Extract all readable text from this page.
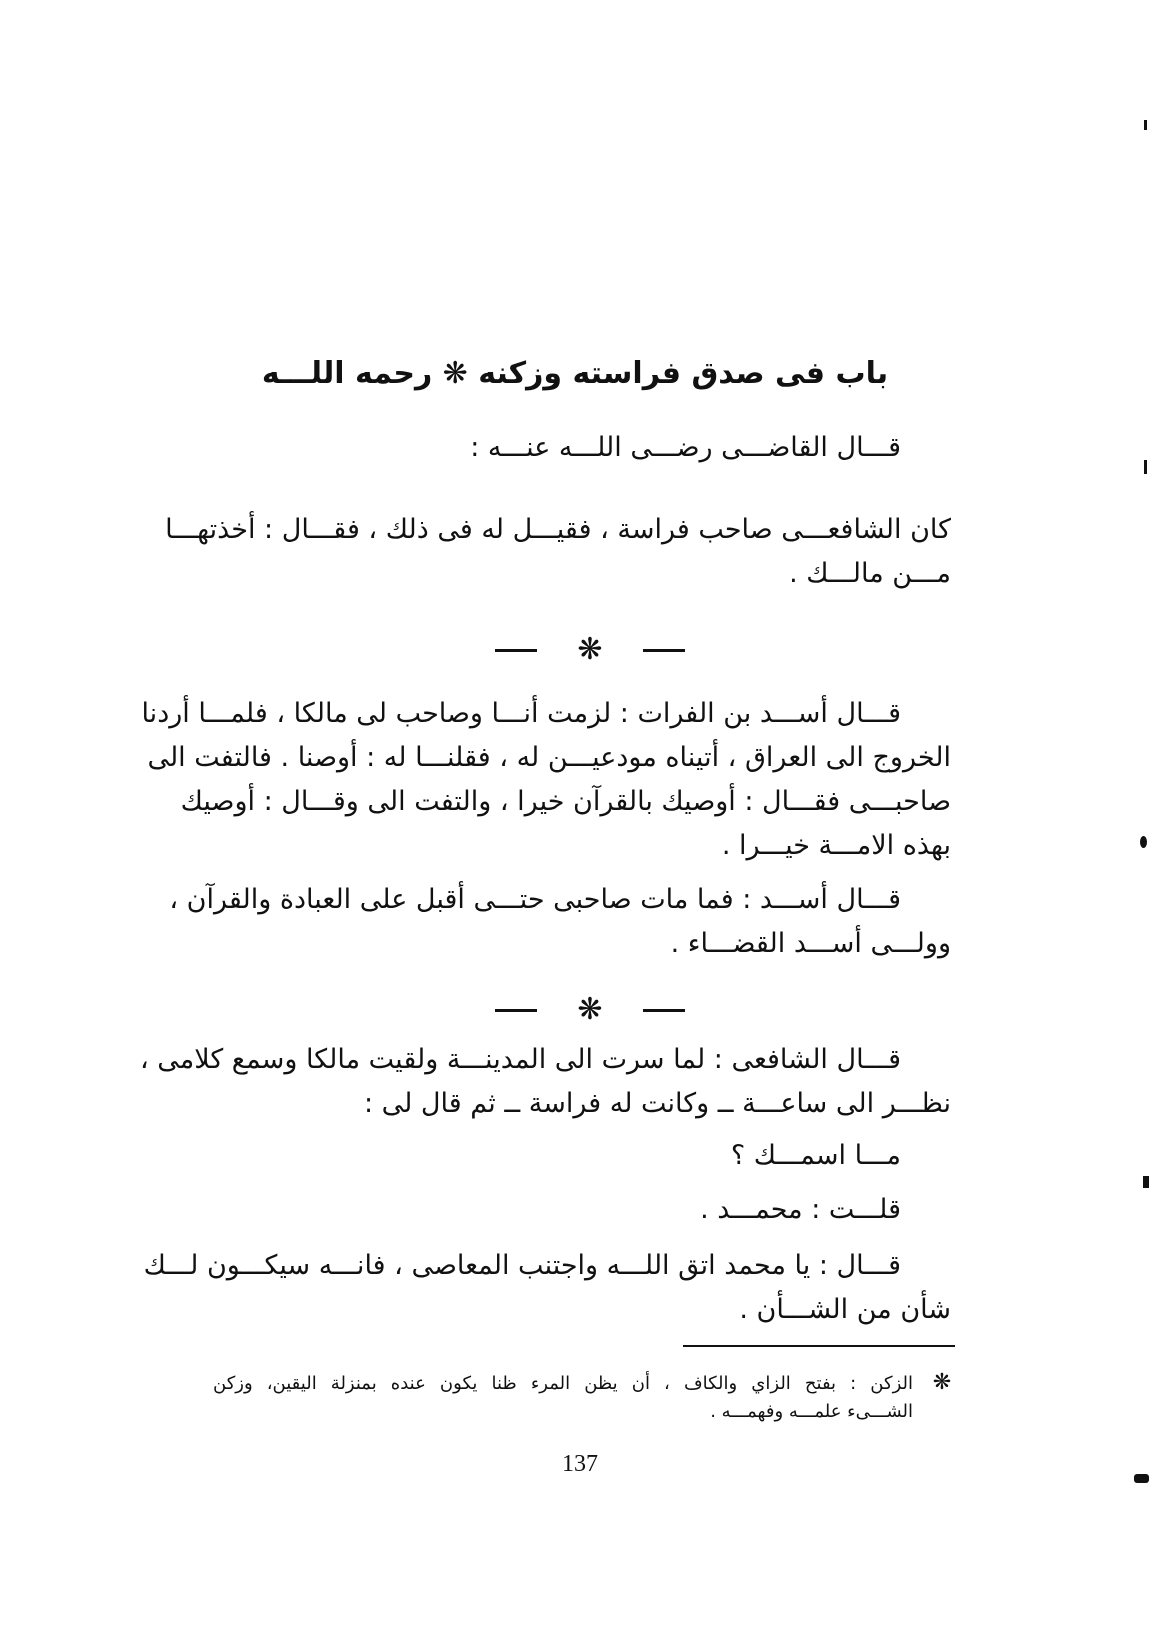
باب فى صدق فراسته وزكنه ❋ رحمه اللـــه
قـــال القاضـــى رضـــى اللـــه عنـــه :
كان الشافعـــى صاحب فراسة ، فقيـــل له فى ذلك ، فقـــال : أخذتهـــا
مـــن مالـــك .
❋
قـــال أســـد بن الفرات : لزمت أنـــا وصاحب لى مالكا ، فلمـــا أردنا
الخروج الى العراق ، أتيناه مودعيـــن له ، فقلنـــا له : أوصنا . فالتفت الى
صاحبـــى فقـــال : أوصيك بالقرآن خيرا ، والتفت الى وقـــال : أوصيك
بهذه الامـــة خيـــرا .
قـــال أســـد : فما مات صاحبى حتـــى أقبل على العبادة والقرآن ،
وولـــى أســـد القضـــاء .
❋
قـــال الشافعى : لما سرت الى المدينـــة ولقيت مالكا وسمع كلامى ،
نظـــر الى ساعـــة ــ وكانت له فراسة ــ ثم قال لى :
مـــا اسمـــك ؟
قلـــت : محمـــد .
قـــال : يا محمد اتق اللـــه واجتنب المعاصى ، فانـــه سيكـــون لـــك
شأن من الشـــأن .
❋
الزكن : بفتح الزاي والكاف ، أن يظن المرء ظنا يكون عنده بمنزلة اليقين، وزكن
الشـــىء علمـــه وفهمـــه .
137
